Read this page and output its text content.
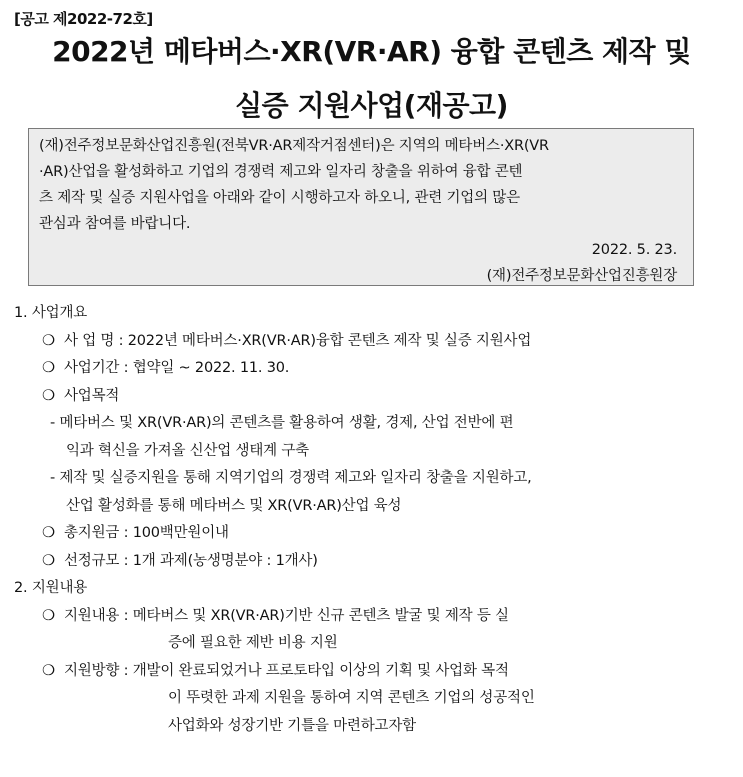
[공고 제2022-72호]
2022년 메타버스·XR(VR·AR) 융합 콘텐츠 제작 및
실증 지원사업(재공고)
(재)전주정보문화산업진흥원(전북VR·AR제작거점센터)은 지역의 메타버스·XR(VR
·AR)산업을 활성화하고 기업의 경쟁력 제고와 일자리 창출을 위하여 융합 콘텐
츠 제작 및 실증 지원사업을 아래와 같이 시행하고자 하오니, 관련 기업의 많은
관심과 참여를 바랍니다.
2022. 5. 23.
(재)전주정보문화산업진흥원장
1. 사업개요
❍ 사 업 명 : 2022년 메타버스·XR(VR·AR)융합 콘텐츠 제작 및 실증 지원사업
❍ 사업기간 : 협약일 ~ 2022. 11. 30.
❍ 사업목적
- 메타버스 및 XR(VR·AR)의 콘텐츠를 활용하여 생활, 경제, 산업 전반에 편
익과 혁신을 가져올 신산업 생태계 구축
- 제작 및 실증지원을 통해 지역기업의 경쟁력 제고와 일자리 창출을 지원하고,
산업 활성화를 통해 메타버스 및 XR(VR·AR)산업 육성
❍ 총지원금 : 100백만원이내
❍ 선정규모 : 1개 과제(농생명분야 : 1개사)
2. 지원내용
❍ 지원내용 : 메타버스 및 XR(VR·AR)기반 신규 콘텐츠 발굴 및 제작 등 실
증에 필요한 제반 비용 지원
❍ 지원방향 : 개발이 완료되었거나 프로토타입 이상의 기획 및 사업화 목적
이 뚜렷한 과제 지원을 통하여 지역 콘텐츠 기업의 성공적인
사업화와 성장기반 기틀을 마련하고자함
